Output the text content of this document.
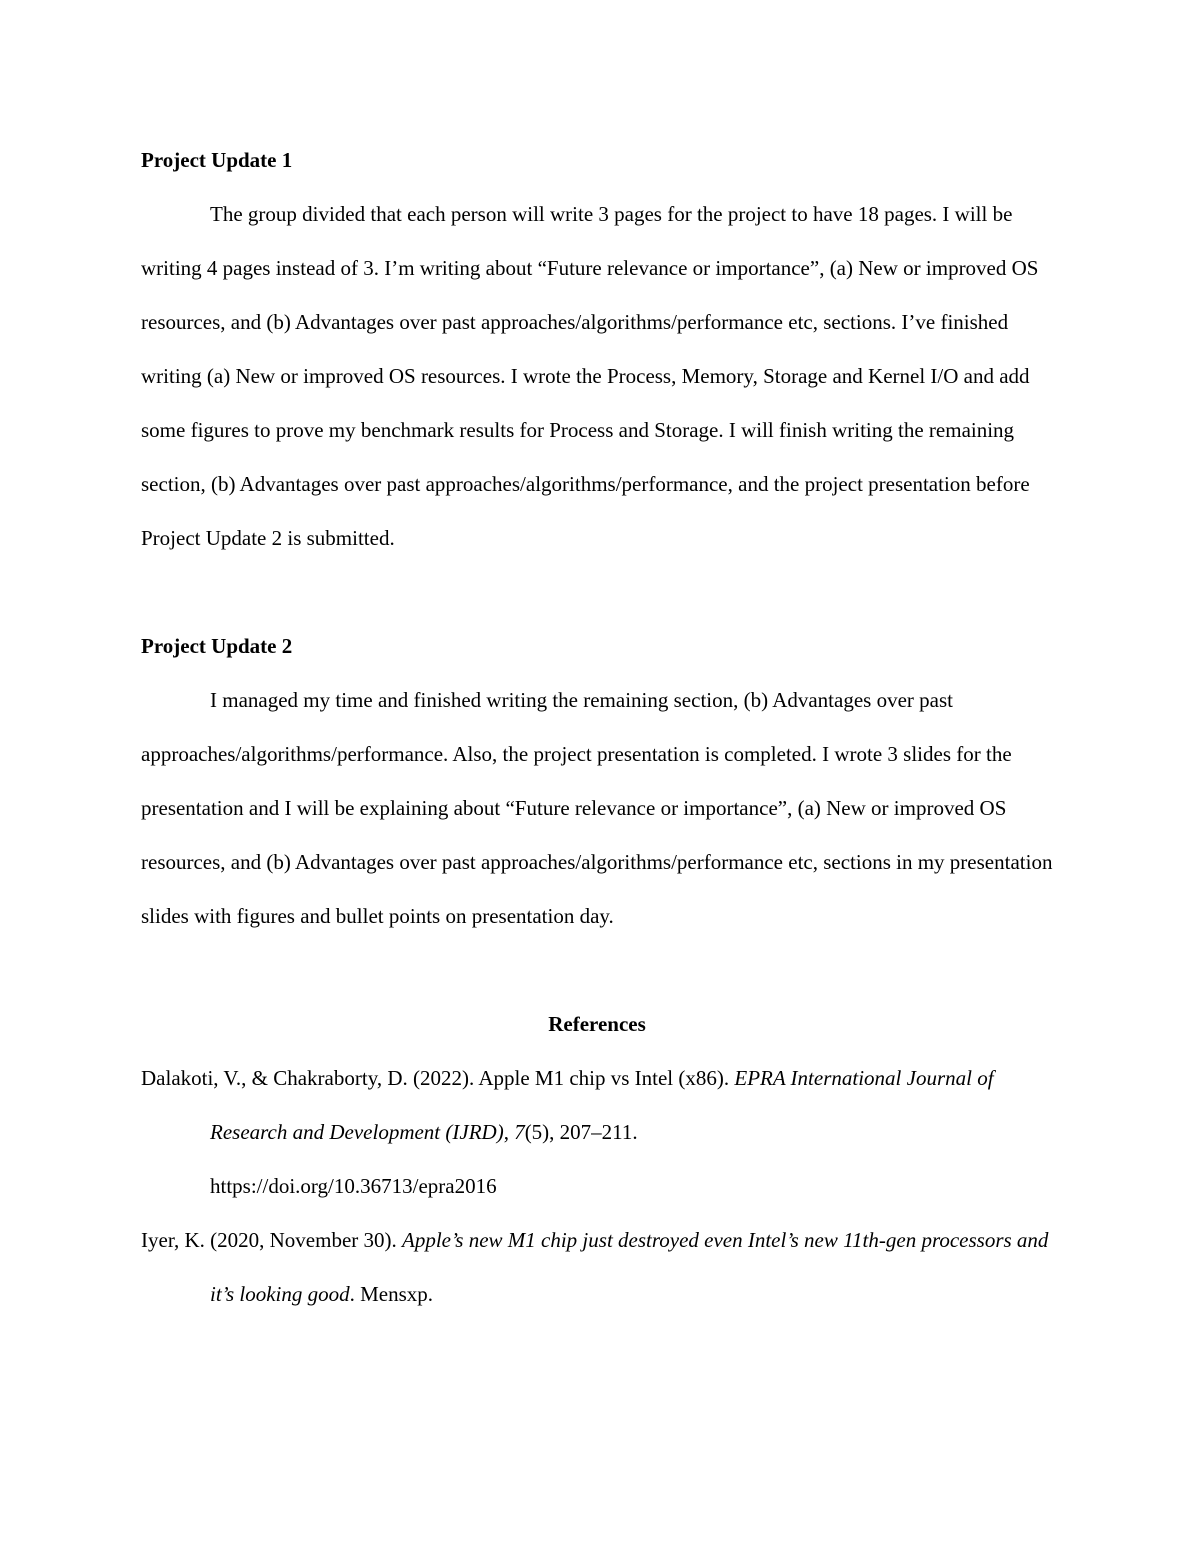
Project Update 1

The group divided that each person will write 3 pages for the project to have 18 pages. I will be writing 4 pages instead of 3. I’m writing about “Future relevance or importance”, (a) New or improved OS resources, and (b) Advantages over past approaches/algorithms/performance etc, sections. I’ve finished writing (a) New or improved OS resources. I wrote the Process, Memory, Storage and Kernel I/O and add some figures to prove my benchmark results for Process and Storage. I will finish writing the remaining section, (b) Advantages over past approaches/algorithms/performance, and the project presentation before Project Update 2 is submitted.

Project Update 2

I managed my time and finished writing the remaining section, (b) Advantages over past approaches/algorithms/performance. Also, the project presentation is completed. I wrote 3 slides for the presentation and I will be explaining about “Future relevance or importance”, (a) New or improved OS resources, and (b) Advantages over past approaches/algorithms/performance etc, sections in my presentation slides with figures and bullet points on presentation day.

References

Dalakoti, V., & Chakraborty, D. (2022). Apple M1 chip vs Intel (x86). EPRA International Journal of Research and Development (IJRD), 7(5), 207–211.
https://doi.org/10.36713/epra2016

Iyer, K. (2020, November 30). Apple’s new M1 chip just destroyed even Intel’s new 11th-gen processors and it’s looking good. Mensxp.
